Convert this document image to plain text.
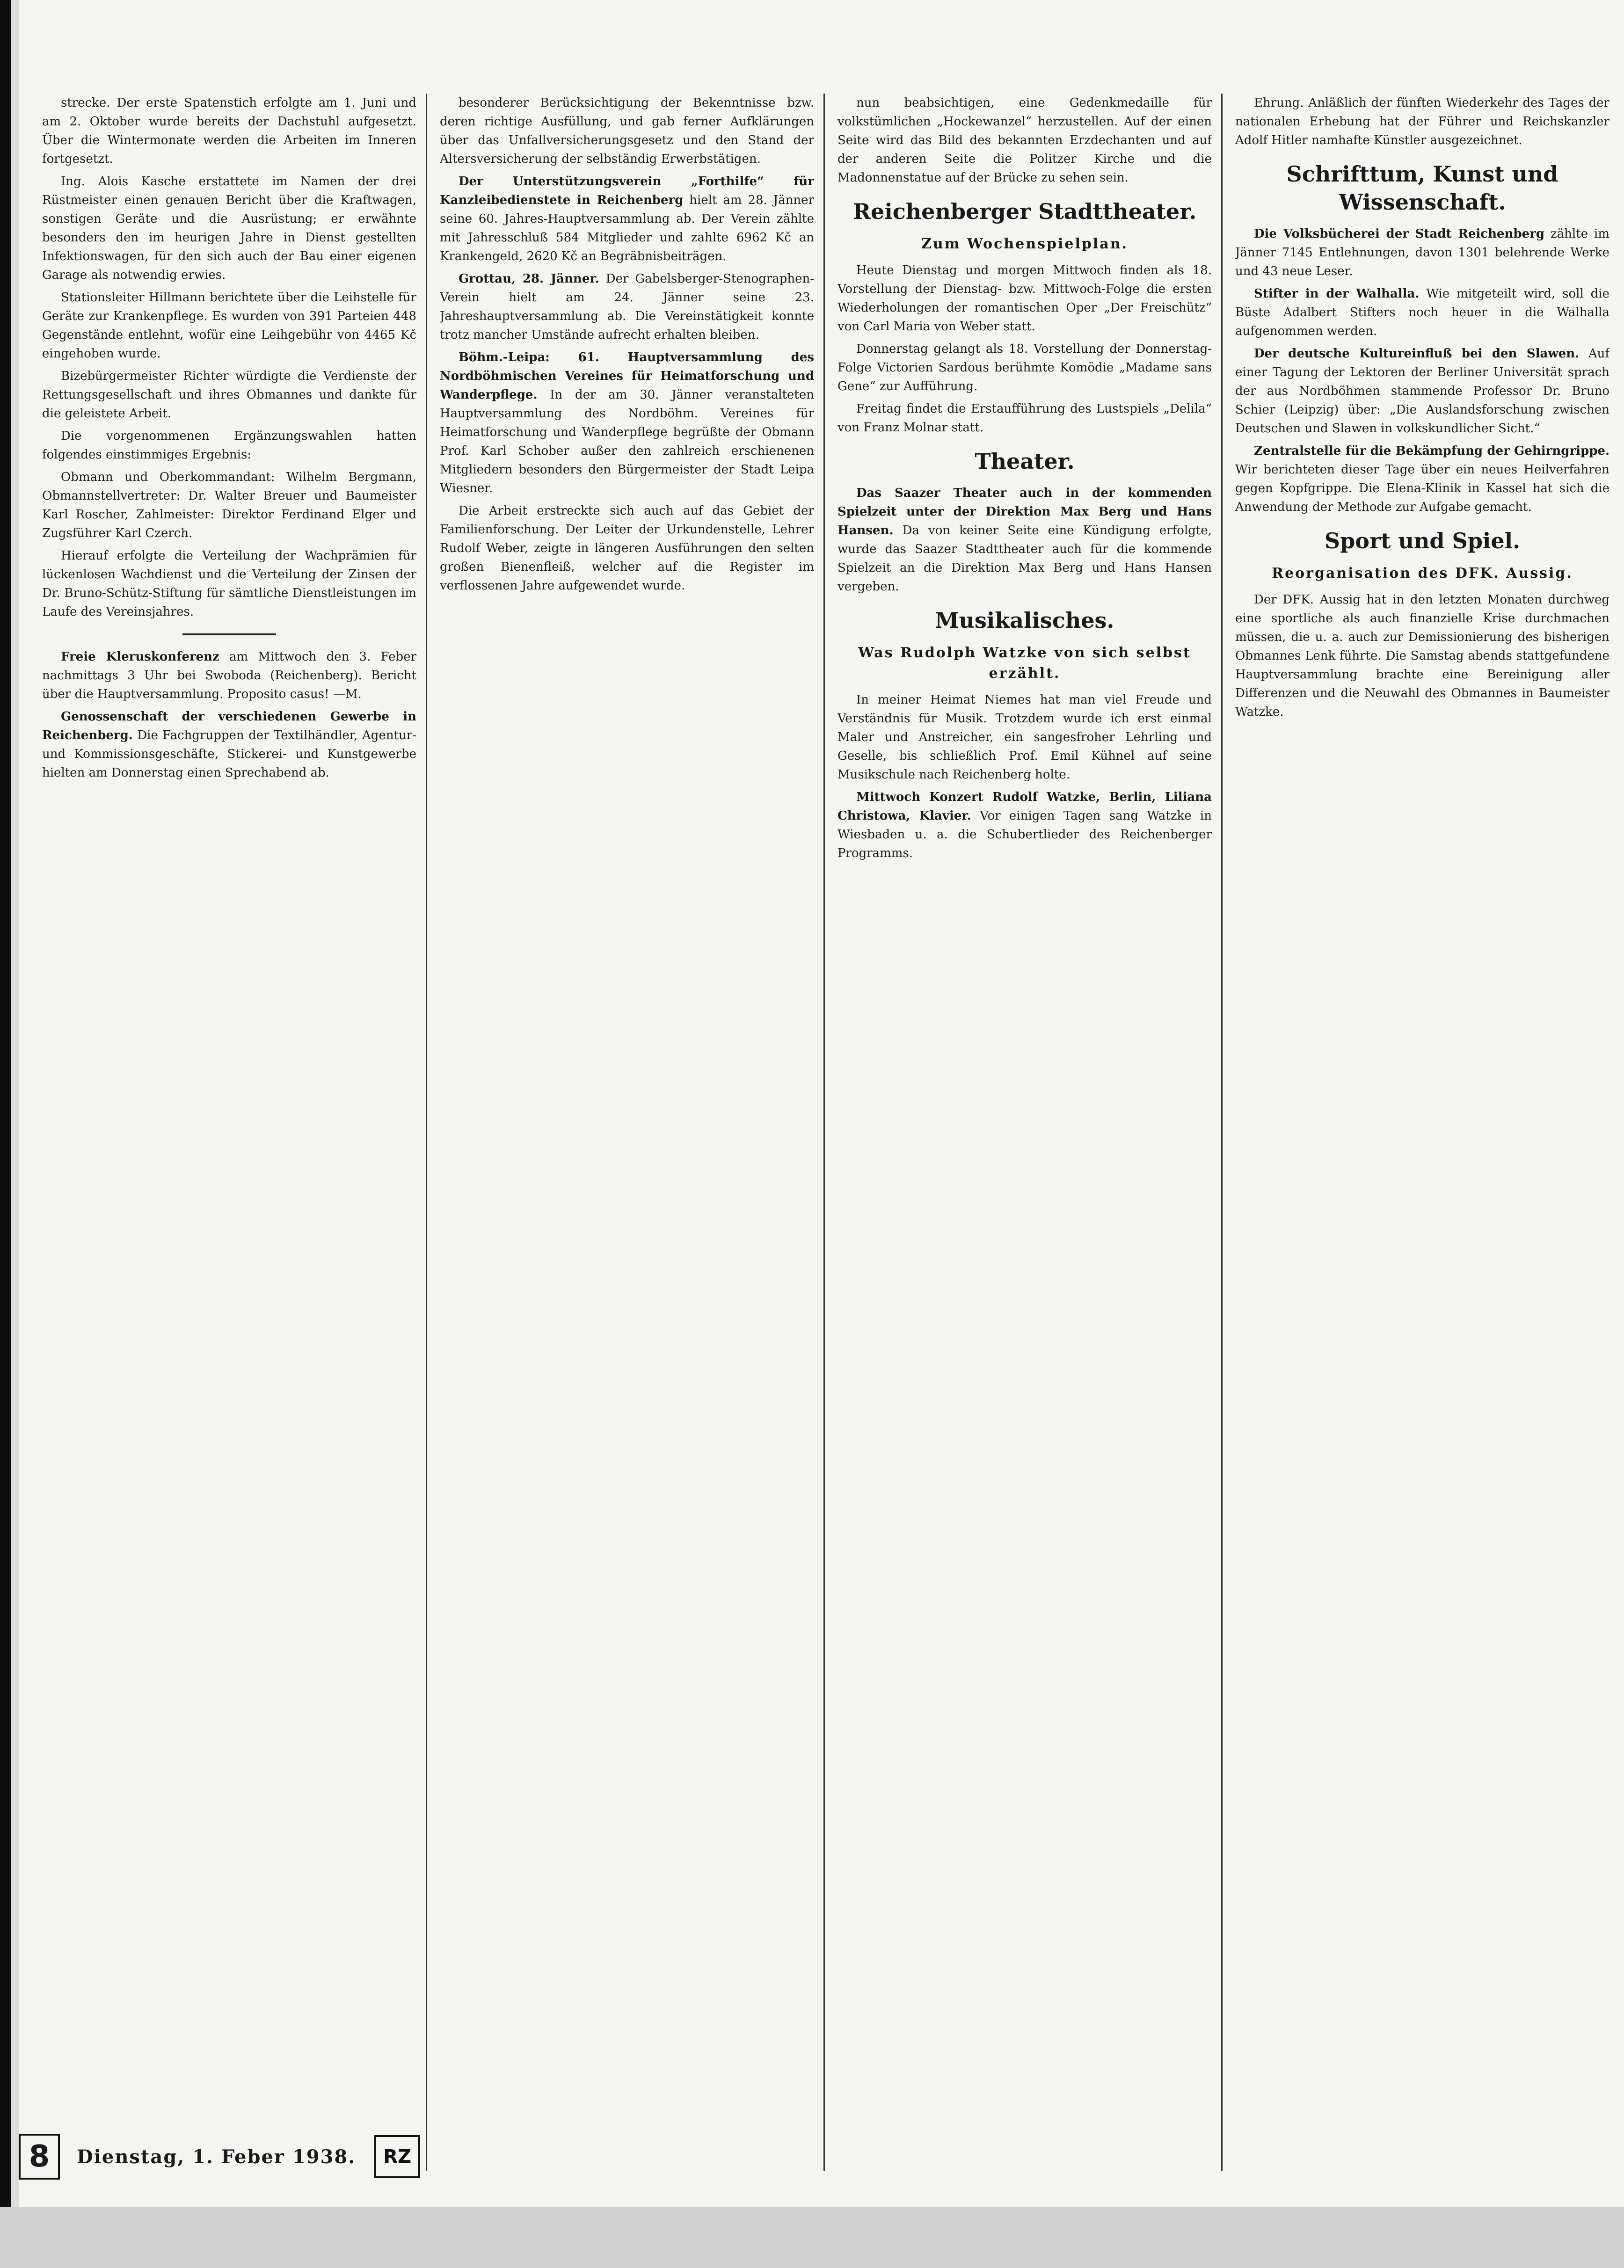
strecke. Der erste Spatenstich erfolgte am 1. Juni und am 2. Oktober wurde bereits der Dachstuhl aufgesetzt. Über die Wintermonate werden die Arbeiten im Inneren fortgesetzt.

Ing. Alois Kasche erstattete im Namen der drei Rüstmeister einen genauen Bericht über die Kraftwagen, sonstigen Geräte und die Ausrüstung; er erwähnte besonders den im heurigen Jahre in Dienst gestellten Infektionswagen, für den sich auch der Bau einer eigenen Garage als notwendig erwies.

Stationsleiter Hillmann berichtete über die Leihstelle für Geräte zur Krankenpflege. Es wurden von 391 Parteien 448 Gegenstände entlehnt, wofür eine Leihgebühr von 4465 Kč eingehoben wurde.

Bizebürgermeister Richter würdigte die Verdienste der Rettungsgesellschaft und ihres Obmannes und dankte für die geleistete Arbeit.

Die vorgenommenen Ergänzungswahlen hatten folgendes einstimmiges Ergebnis:

Obmann und Oberkommandant: Wilhelm Bergmann, Obmannstellvertreter: Dr. Walter Breuer und Baumeister Karl Roscher, Zahlmeister: Direktor Ferdinand Elger und Zugsführer Karl Czerch.

Hierauf erfolgte die Verteilung der Wachprämien für lückenlosen Wachdienst und die Verteilung der Zinsen der Dr. Bruno-Schütz-Stiftung für sämtliche Dienstleistungen im Laufe des Vereinsjahres.

Freie Kleruskonferenz am Mittwoch den 3. Feber nachmittags 3 Uhr bei Swoboda (Reichenberg). Bericht über die Hauptversammlung. Proposito casus! —M.

Genossenschaft der verschiedenen Gewerbe in Reichenberg. Die Fachgruppen der Textilhändler, Agentur- und Kommissionsgeschäfte, Stickerei- und Kunstgewerbe hielten am Donnerstag einen Sprechabend ab.

besonderer Berücksichtigung der Bekenntnisse bzw. deren richtige Ausfüllung, und gab ferner Aufklärungen über das Unfallversicherungsgesetz und den Stand der Altersversicherung der selbständig Erwerbstätigen.

Der Unterstützungsverein „Forthilfe“ für Kanzleibedienstete in Reichenberg hielt am 28. Jänner seine 60. Jahres-Hauptversammlung ab. Der Verein zählte mit Jahresschluß 584 Mitglieder und zahlte 6962 Kč an Krankengeld, 2620 Kč an Begräbnisbeiträgen.

Grottau, 28. Jänner. Der Gabelsberger-Stenographen-Verein hielt am 24. Jänner seine 23. Jahreshauptversammlung ab. Die Vereinstätigkeit konnte trotz mancher Umstände aufrecht erhalten bleiben.

Böhm.-Leipa: 61. Hauptversammlung des Nordböhmischen Vereines für Heimatforschung und Wanderpflege. In der am 30. Jänner veranstalteten Hauptversammlung des Nordböhm. Vereines für Heimatforschung und Wanderpflege begrüßte der Obmann Prof. Karl Schober außer den zahlreich erschienenen Mitgliedern besonders den Bürgermeister der Stadt Leipa Wiesner.

Die Arbeit erstreckte sich auch auf das Gebiet der Familienforschung. Der Leiter der Urkundenstelle, Lehrer Rudolf Weber, zeigte in längeren Ausführungen den selten großen Bienenfleiß, welcher auf die Register im verflossenen Jahre aufgewendet wurde.

nun beabsichtigen, eine Gedenkmedaille für volkstümlichen „Hockewanzel“ herzustellen. Auf der einen Seite wird das Bild des bekannten Erzdechanten und auf der anderen Seite die Politzer Kirche und die Madonnenstatue auf der Brücke zu sehen sein.

Reichenberger Stadttheater.

Zum Wochenspielplan.

Heute Dienstag und morgen Mittwoch finden als 18. Vorstellung der Dienstag- bzw. Mittwoch-Folge die ersten Wiederholungen der romantischen Oper „Der Freischütz“ von Carl Maria von Weber statt.

Donnerstag gelangt als 18. Vorstellung der Donnerstag-Folge Victorien Sardous berühmte Komödie „Madame sans Gene“ zur Aufführung.

Freitag findet die Erstaufführung des Lustspiels „Delila“ von Franz Molnar statt.

Theater.

Das Saazer Theater auch in der kommenden Spielzeit unter der Direktion Max Berg und Hans Hansen. Da von keiner Seite eine Kündigung erfolgte, wurde das Saazer Stadttheater auch für die kommende Spielzeit an die Direktion Max Berg und Hans Hansen vergeben.

Musikalisches.

Was Rudolph Watzke von sich selbst erzählt.

In meiner Heimat Niemes hat man viel Freude und Verständnis für Musik. Trotzdem wurde ich erst einmal Maler und Anstreicher, ein sangesfroher Lehrling und Geselle, bis schließlich Prof. Emil Kühnel auf seine Musikschule nach Reichenberg holte.

Mittwoch Konzert Rudolf Watzke, Berlin, Liliana Christowa, Klavier. Vor einigen Tagen sang Watzke in Wiesbaden u. a. die Schubertlieder des Reichenberger Programms.

Ehrung. Anläßlich der fünften Wiederkehr des Tages der nationalen Erhebung hat der Führer und Reichskanzler Adolf Hitler namhafte Künstler ausgezeichnet.

Schrifttum, Kunst und Wissenschaft.

Die Volksbücherei der Stadt Reichenberg zählte im Jänner 7145 Entlehnungen, davon 1301 belehrende Werke und 43 neue Leser.

Stifter in der Walhalla. Wie mitgeteilt wird, soll die Büste Adalbert Stifters noch heuer in die Walhalla aufgenommen werden.

Der deutsche Kultureinfluß bei den Slawen. Auf einer Tagung der Lektoren der Berliner Universität sprach der aus Nordböhmen stammende Professor Dr. Bruno Schier (Leipzig) über: „Die Auslandsforschung zwischen Deutschen und Slawen in volkskundlicher Sicht.“

Zentralstelle für die Bekämpfung der Gehirngrippe. Wir berichteten dieser Tage über ein neues Heilverfahren gegen Kopfgrippe. Die Elena-Klinik in Kassel hat sich die Anwendung der Methode zur Aufgabe gemacht.

Sport und Spiel.

Reorganisation des DFK. Aussig.

Der DFK. Aussig hat in den letzten Monaten durchweg eine sportliche als auch finanzielle Krise durchmachen müssen, die u. a. auch zur Demissionierung des bisherigen Obmannes Lenk führte. Die Samstag abends stattgefundene Hauptversammlung brachte eine Bereinigung aller Differenzen und die Neuwahl des Obmannes in Baumeister Watzke.

8	Dienstag, 1. Feber 1938.	RZ
